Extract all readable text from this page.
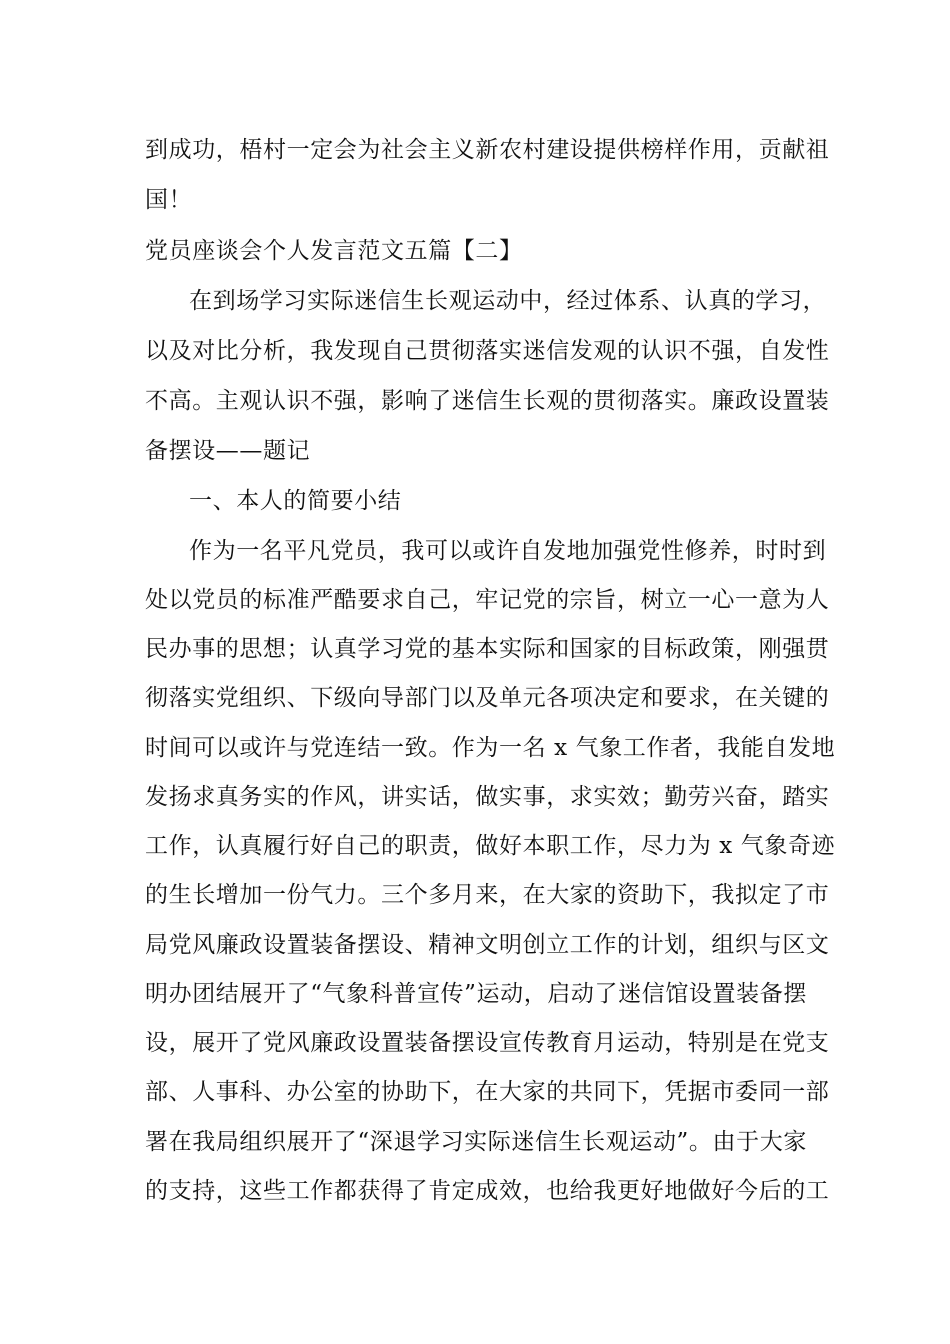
到成功，梧村一定会为社会主义新农村建设提供榜样作用，贡献祖
国！
党员座谈会个人发言范文五篇【二】
在到场学习实际迷信生长观运动中，经过体系、认真的学习，
以及对比分析，我发现自己贯彻落实迷信发观的认识不强，自发性
不高。主观认识不强，影响了迷信生长观的贯彻落实。廉政设置装
备摆设——题记
一、本人的简要小结
作为一名平凡党员，我可以或许自发地加强党性修养，时时到
处以党员的标准严酷要求自己，牢记党的宗旨，树立一心一意为人
民办事的思想；认真学习党的基本实际和国家的目标政策，刚强贯
彻落实党组织、下级向导部门以及单元各项决定和要求，在关键的
时间可以或许与党连结一致。作为一名 x 气象工作者，我能自发地
发扬求真务实的作风，讲实话，做实事，求实效；勤劳兴奋，踏实
工作，认真履行好自己的职责，做好本职工作，尽力为 x 气象奇迹
的生长增加一份气力。三个多月来，在大家的资助下，我拟定了市
局党风廉政设置装备摆设、精神文明创立工作的计划，组织与区文
明办团结展开了“气象科普宣传”运动，启动了迷信馆设置装备摆
设，展开了党风廉政设置装备摆设宣传教育月运动，特别是在党支
部、人事科、办公室的协助下，在大家的共同下，凭据市委同一部
署在我局组织展开了“深退学习实际迷信生长观运动”。由于大家
的支持，这些工作都获得了肯定成效，也给我更好地做好今后的工
